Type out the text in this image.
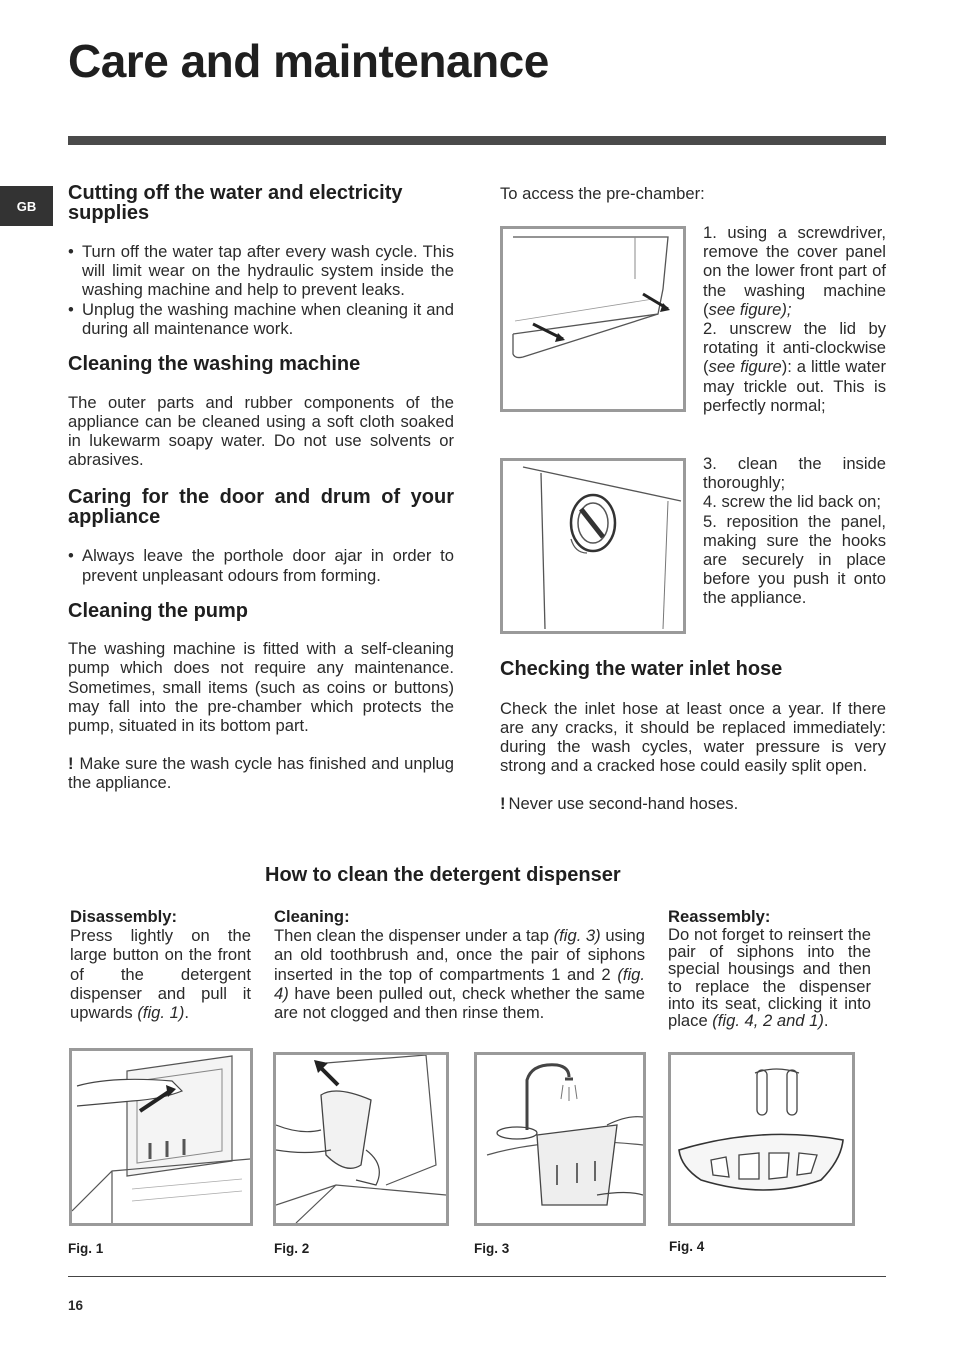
Care and maintenance
GB
Cutting off the water and electricity supplies

• Turn off the water tap after every wash cycle. This will limit wear on the hydraulic system inside the washing machine and help to prevent leaks.

• Unplug the washing machine when cleaning it and during all maintenance work.

Cleaning the washing machine

The outer parts and rubber components of the appliance can be cleaned using a soft cloth soaked in lukewarm soapy water. Do not use solvents or abrasives.

Caring for the door and drum of your appliance

• Always leave the porthole door ajar in order to prevent unpleasant odours from forming.

Cleaning the pump

The washing machine is fitted with a self-cleaning pump which does not require any maintenance. Sometimes, small items (such as coins or buttons) may fall into the pre-chamber which protects the pump, situated in its bottom part.

! Make sure the wash cycle has finished and unplug the appliance.

To access the pre-chamber:
1. using a screwdriver, remove the cover panel on the lower front part of the washing machine (see figure);
2. unscrew the lid by rotating it anti-clockwise (see figure): a little water may trickle out. This is perfectly normal;

3. clean the inside thoroughly;

4. screw the lid back on;

5. reposition the panel, making sure the hooks are securely in place before you push it onto the appliance.

Checking the water inlet hose

Check the inlet hose at least once a year. If there are any cracks, it should be replaced immediately: during the wash cycles, water pressure is very strong and a cracked hose could easily split open.

! Never use second-hand hoses.

How to clean the detergent dispenser
Disassembly:
Press lightly on the large button on the front of the detergent dispenser and pull it upwards (fig. 1).
Cleaning:
Then clean the dispenser under a tap (fig. 3) using an old toothbrush and, once the pair of siphons inserted in the top of compartments 1 and 2 (fig. 4) have been pulled out, check whether the same are not clogged and then rinse them.
Reassembly:
Do not forget to reinsert the pair of siphons into the special housings and then to replace the dispenser into its seat, clicking it into place (fig. 4, 2 and 1).
Fig. 1	Fig. 2	Fig. 3	Fig. 4
16
